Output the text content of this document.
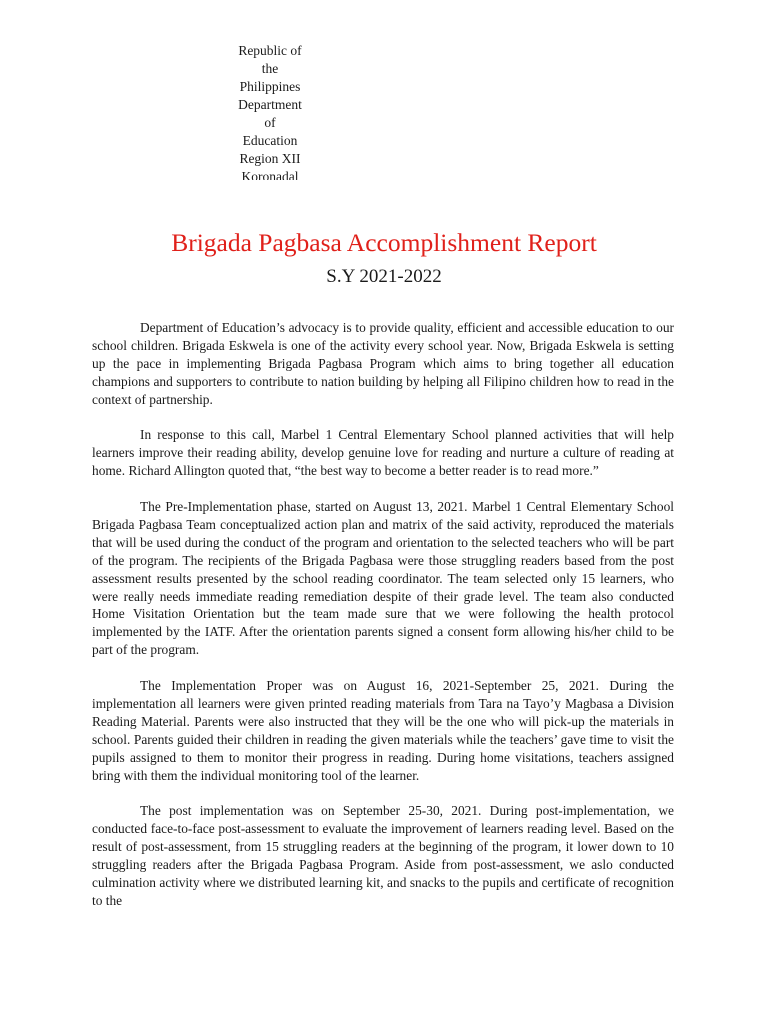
Republic of
the
Philippines
Department
of
Education
Region XII
Koronadal
Brigada Pagbasa Accomplishment Report
S.Y 2021-2022

Department of Education’s advocacy is to provide quality, efficient and accessible education to our school children. Brigada Eskwela is one of the activity every school year. Now, Brigada Eskwela is setting up the pace in implementing Brigada Pagbasa Program which aims to bring together all education champions and supporters to contribute to nation building by helping all Filipino children how to read in the context of partnership.

In response to this call, Marbel 1 Central Elementary School planned activities that will help learners improve their reading ability, develop genuine love for reading and nurture a culture of reading at home. Richard Allington quoted that, “the best way to become a better reader is to read more.”

The Pre-Implementation phase, started on August 13, 2021. Marbel 1 Central Elementary School Brigada Pagbasa Team conceptualized action plan and matrix of the said activity, reproduced the materials that will be used during the conduct of the program and orientation to the selected teachers who will be part of the program. The recipients of the Brigada Pagbasa were those struggling readers based from the post assessment results presented by the school reading coordinator. The team selected only 15 learners, who were really needs immediate reading remediation despite of their grade level. The team also conducted Home Visitation Orientation but the team made sure that we were following the health protocol implemented by the IATF. After the orientation parents signed a consent form allowing his/her child to be part of the program.

The Implementation Proper was on August 16, 2021-September 25, 2021. During the implementation all learners were given printed reading materials from Tara na Tayo’y Magbasa a Division Reading Material. Parents were also instructed that they will be the one who will pick-up the materials in school. Parents guided their children in reading the given materials while the teachers’ gave time to visit the pupils assigned to them to monitor their progress in reading. During home visitations, teachers assigned bring with them the individual monitoring tool of the learner.

The post implementation was on September 25-30, 2021. During post-implementation, we conducted face-to-face post-assessment to evaluate the improvement of learners reading level. Based on the result of post-assessment, from 15 struggling readers at the beginning of the program, it lower down to 10 struggling readers after the Brigada Pagbasa Program. Aside from post-assessment, we aslo conducted culmination activity where we distributed learning kit, and snacks to the pupils and certificate of recognition to the
